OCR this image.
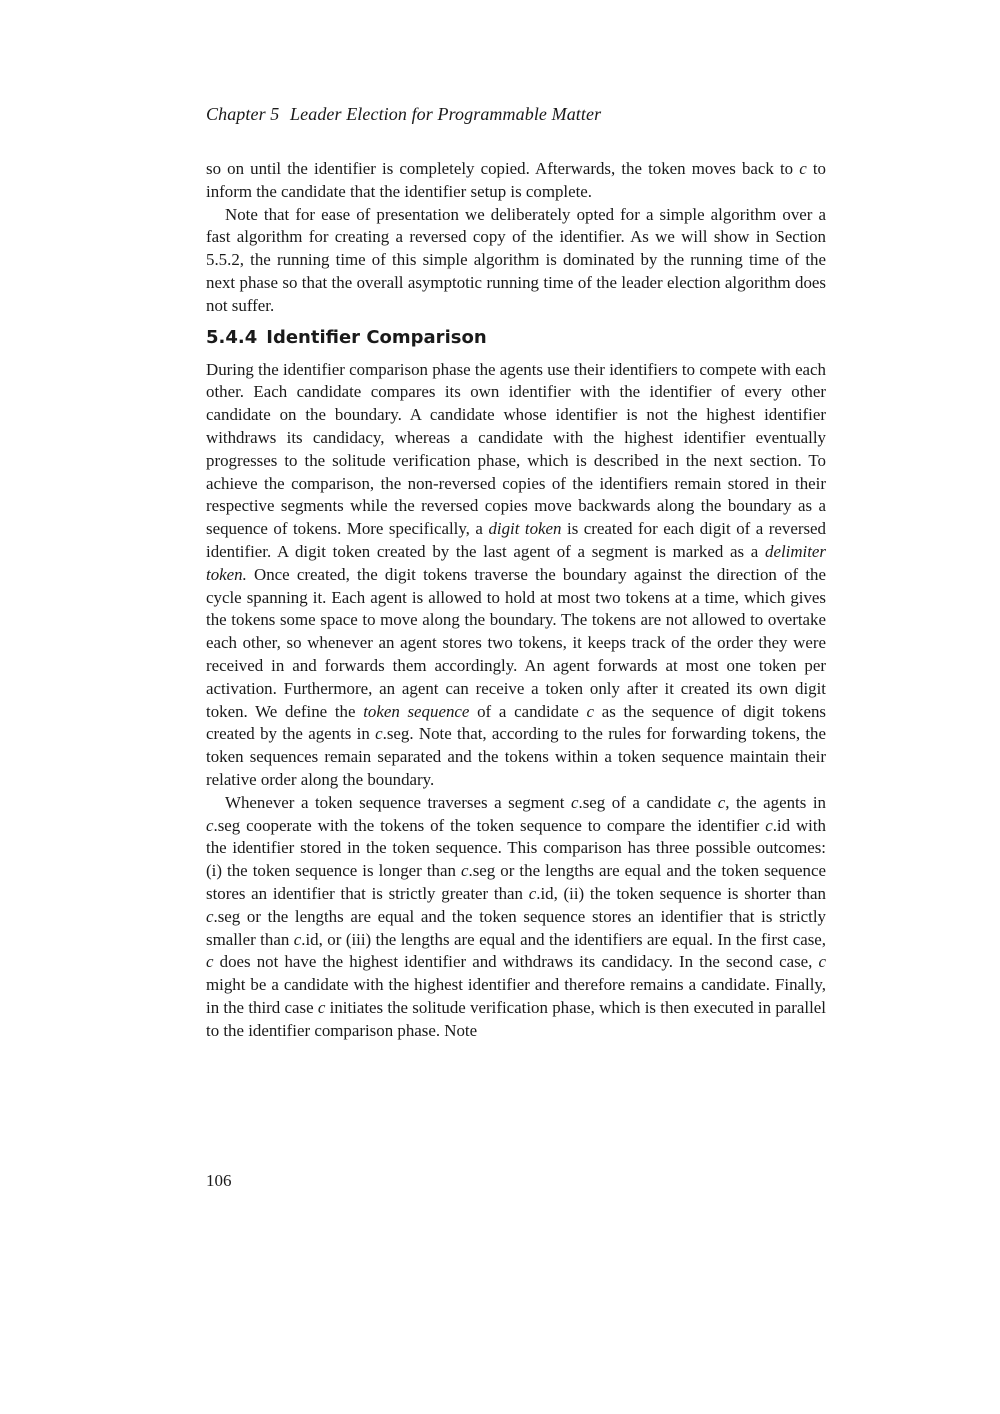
Chapter 5 Leader Election for Programmable Matter

so on until the identifier is completely copied. Afterwards, the token moves back to c to inform the candidate that the identifier setup is complete.

Note that for ease of presentation we deliberately opted for a simple algorithm over a fast algorithm for creating a reversed copy of the identifier. As we will show in Section 5.5.2, the running time of this simple algorithm is dominated by the running time of the next phase so that the overall asymptotic running time of the leader election algorithm does not suffer.

5.4.4 Identifier Comparison

During the identifier comparison phase the agents use their identifiers to compete with each other. Each candidate compares its own identifier with the identifier of every other candidate on the boundary. A candidate whose identifier is not the highest identifier withdraws its candidacy, whereas a candidate with the highest identifier eventually progresses to the solitude verification phase, which is described in the next section. To achieve the comparison, the non-reversed copies of the identifiers remain stored in their respective segments while the reversed copies move backwards along the boundary as a sequence of tokens. More specifically, a digit token is created for each digit of a reversed identifier. A digit token created by the last agent of a segment is marked as a delimiter token. Once created, the digit tokens traverse the boundary against the direction of the cycle spanning it. Each agent is allowed to hold at most two tokens at a time, which gives the tokens some space to move along the boundary. The tokens are not allowed to overtake each other, so whenever an agent stores two tokens, it keeps track of the order they were received in and forwards them accordingly. An agent forwards at most one token per activation. Furthermore, an agent can receive a token only after it created its own digit token. We define the token sequence of a candidate c as the sequence of digit tokens created by the agents in c.seg. Note that, according to the rules for forwarding tokens, the token sequences remain separated and the tokens within a token sequence maintain their relative order along the boundary.

Whenever a token sequence traverses a segment c.seg of a candidate c, the agents in c.seg cooperate with the tokens of the token sequence to compare the identifier c.id with the identifier stored in the token sequence. This comparison has three possible outcomes: (i) the token sequence is longer than c.seg or the lengths are equal and the token sequence stores an identifier that is strictly greater than c.id, (ii) the token sequence is shorter than c.seg or the lengths are equal and the token sequence stores an identifier that is strictly smaller than c.id, or (iii) the lengths are equal and the identifiers are equal. In the first case, c does not have the highest identifier and withdraws its candidacy. In the second case, c might be a candidate with the highest identifier and therefore remains a candidate. Finally, in the third case c initiates the solitude verification phase, which is then executed in parallel to the identifier comparison phase. Note

106
